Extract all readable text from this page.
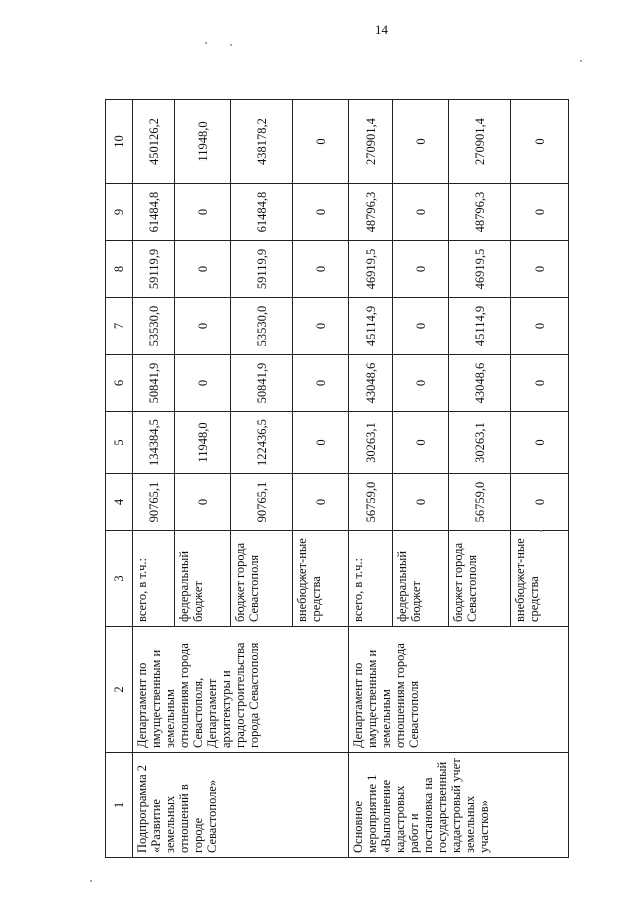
14
1	2	3	4	5	6	7	8	9	10
Подпрограмма 2 «Развитие земельных отношений в городе Севастополе»	Департамент по имущественным и земельным отношениям города Севастополя, Департамент архитектуры и градостроительства города Севастополя	всего, в т.ч.:	90765,1	134384,5	50841,9	53530,0	59119,9	61484,8	450126,2
		федеральный бюджет	0	11948,0	0	0	0	0	11948,0
		бюджет города Севастополя	90765,1	122436,5	50841,9	53530,0	59119,9	61484,8	438178,2
		внебюджет-ные средства	0	0	0	0	0	0	0
Основное мероприятие 1 «Выполнение кадастровых работ и постановка на государственный кадастровый учет земельных участков»	Департамент по имущественным и земельным отношениям города Севастополя	всего, в т.ч.:	56759,0	30263,1	43048,6	45114,9	46919,5	48796,3	270901,4
		федеральный бюджет	0	0	0	0	0	0	0
		бюджет города Севастополя	56759,0	30263,1	43048,6	45114,9	46919,5	48796,3	270901,4
		внебюджет-ные средства	0	0	0	0	0	0	0
